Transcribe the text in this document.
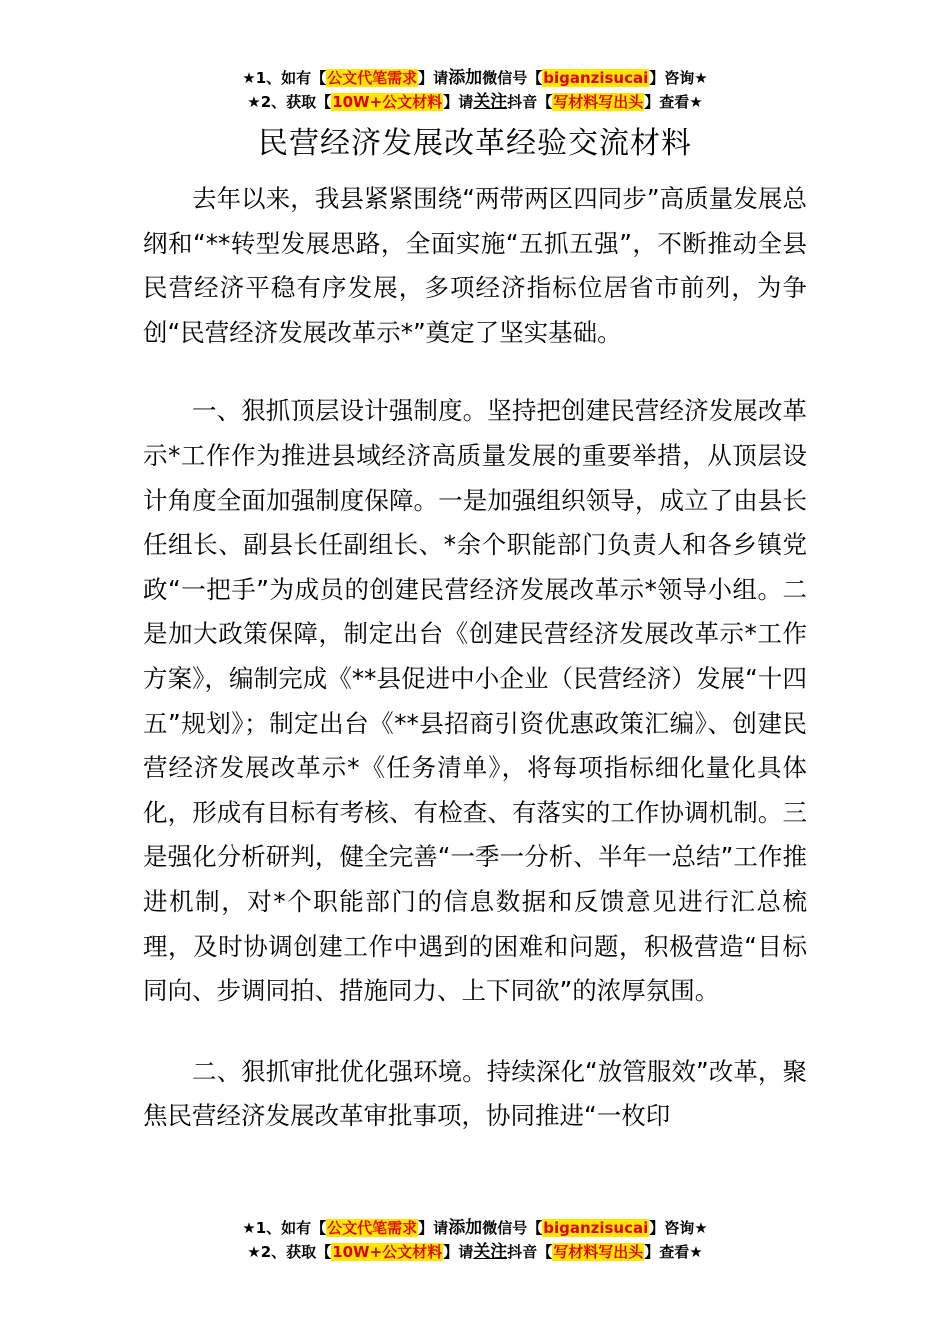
★1、如有【公文代笔需求】请添加微信号【biganzisucai】咨询★
★2、获取【10W+公文材料】请关注抖音【写材料写出头】查看★
民营经济发展改革经验交流材料

去年以来，我县紧紧围绕“两带两区四同步”高质量发展总纲和“**转型发展思路，全面实施“五抓五强”，不断推动全县民营经济平稳有序发展，多项经济指标位居省市前列，为争创“民营经济发展改革示*”奠定了坚实基础。

一、狠抓顶层设计强制度。坚持把创建民营经济发展改革示*工作作为推进县域经济高质量发展的重要举措，从顶层设计角度全面加强制度保障。一是加强组织领导，成立了由县长任组长、副县长任副组长、*余个职能部门负责人和各乡镇党政“一把手”为成员的创建民营经济发展改革示*领导小组。二是加大政策保障，制定出台《创建民营经济发展改革示*工作方案》，编制完成《**县促进中小企业（民营经济）发展“十四五”规划》；制定出台《**县招商引资优惠政策汇编》、创建民营经济发展改革示*《任务清单》，将每项指标细化量化具体化，形成有目标有考核、有检查、有落实的工作协调机制。三是强化分析研判，健全完善“一季一分析、半年一总结”工作推进机制，对*个职能部门的信息数据和反馈意见进行汇总梳理，及时协调创建工作中遇到的困难和问题，积极营造“目标同向、步调同拍、措施同力、上下同欲”的浓厚氛围。

二、狠抓审批优化强环境。持续深化“放管服效”改革，聚焦民营经济发展改革审批事项，协同推进“一枚印

★1、如有【公文代笔需求】请添加微信号【biganzisucai】咨询★
★2、获取【10W+公文材料】请关注抖音【写材料写出头】查看★
